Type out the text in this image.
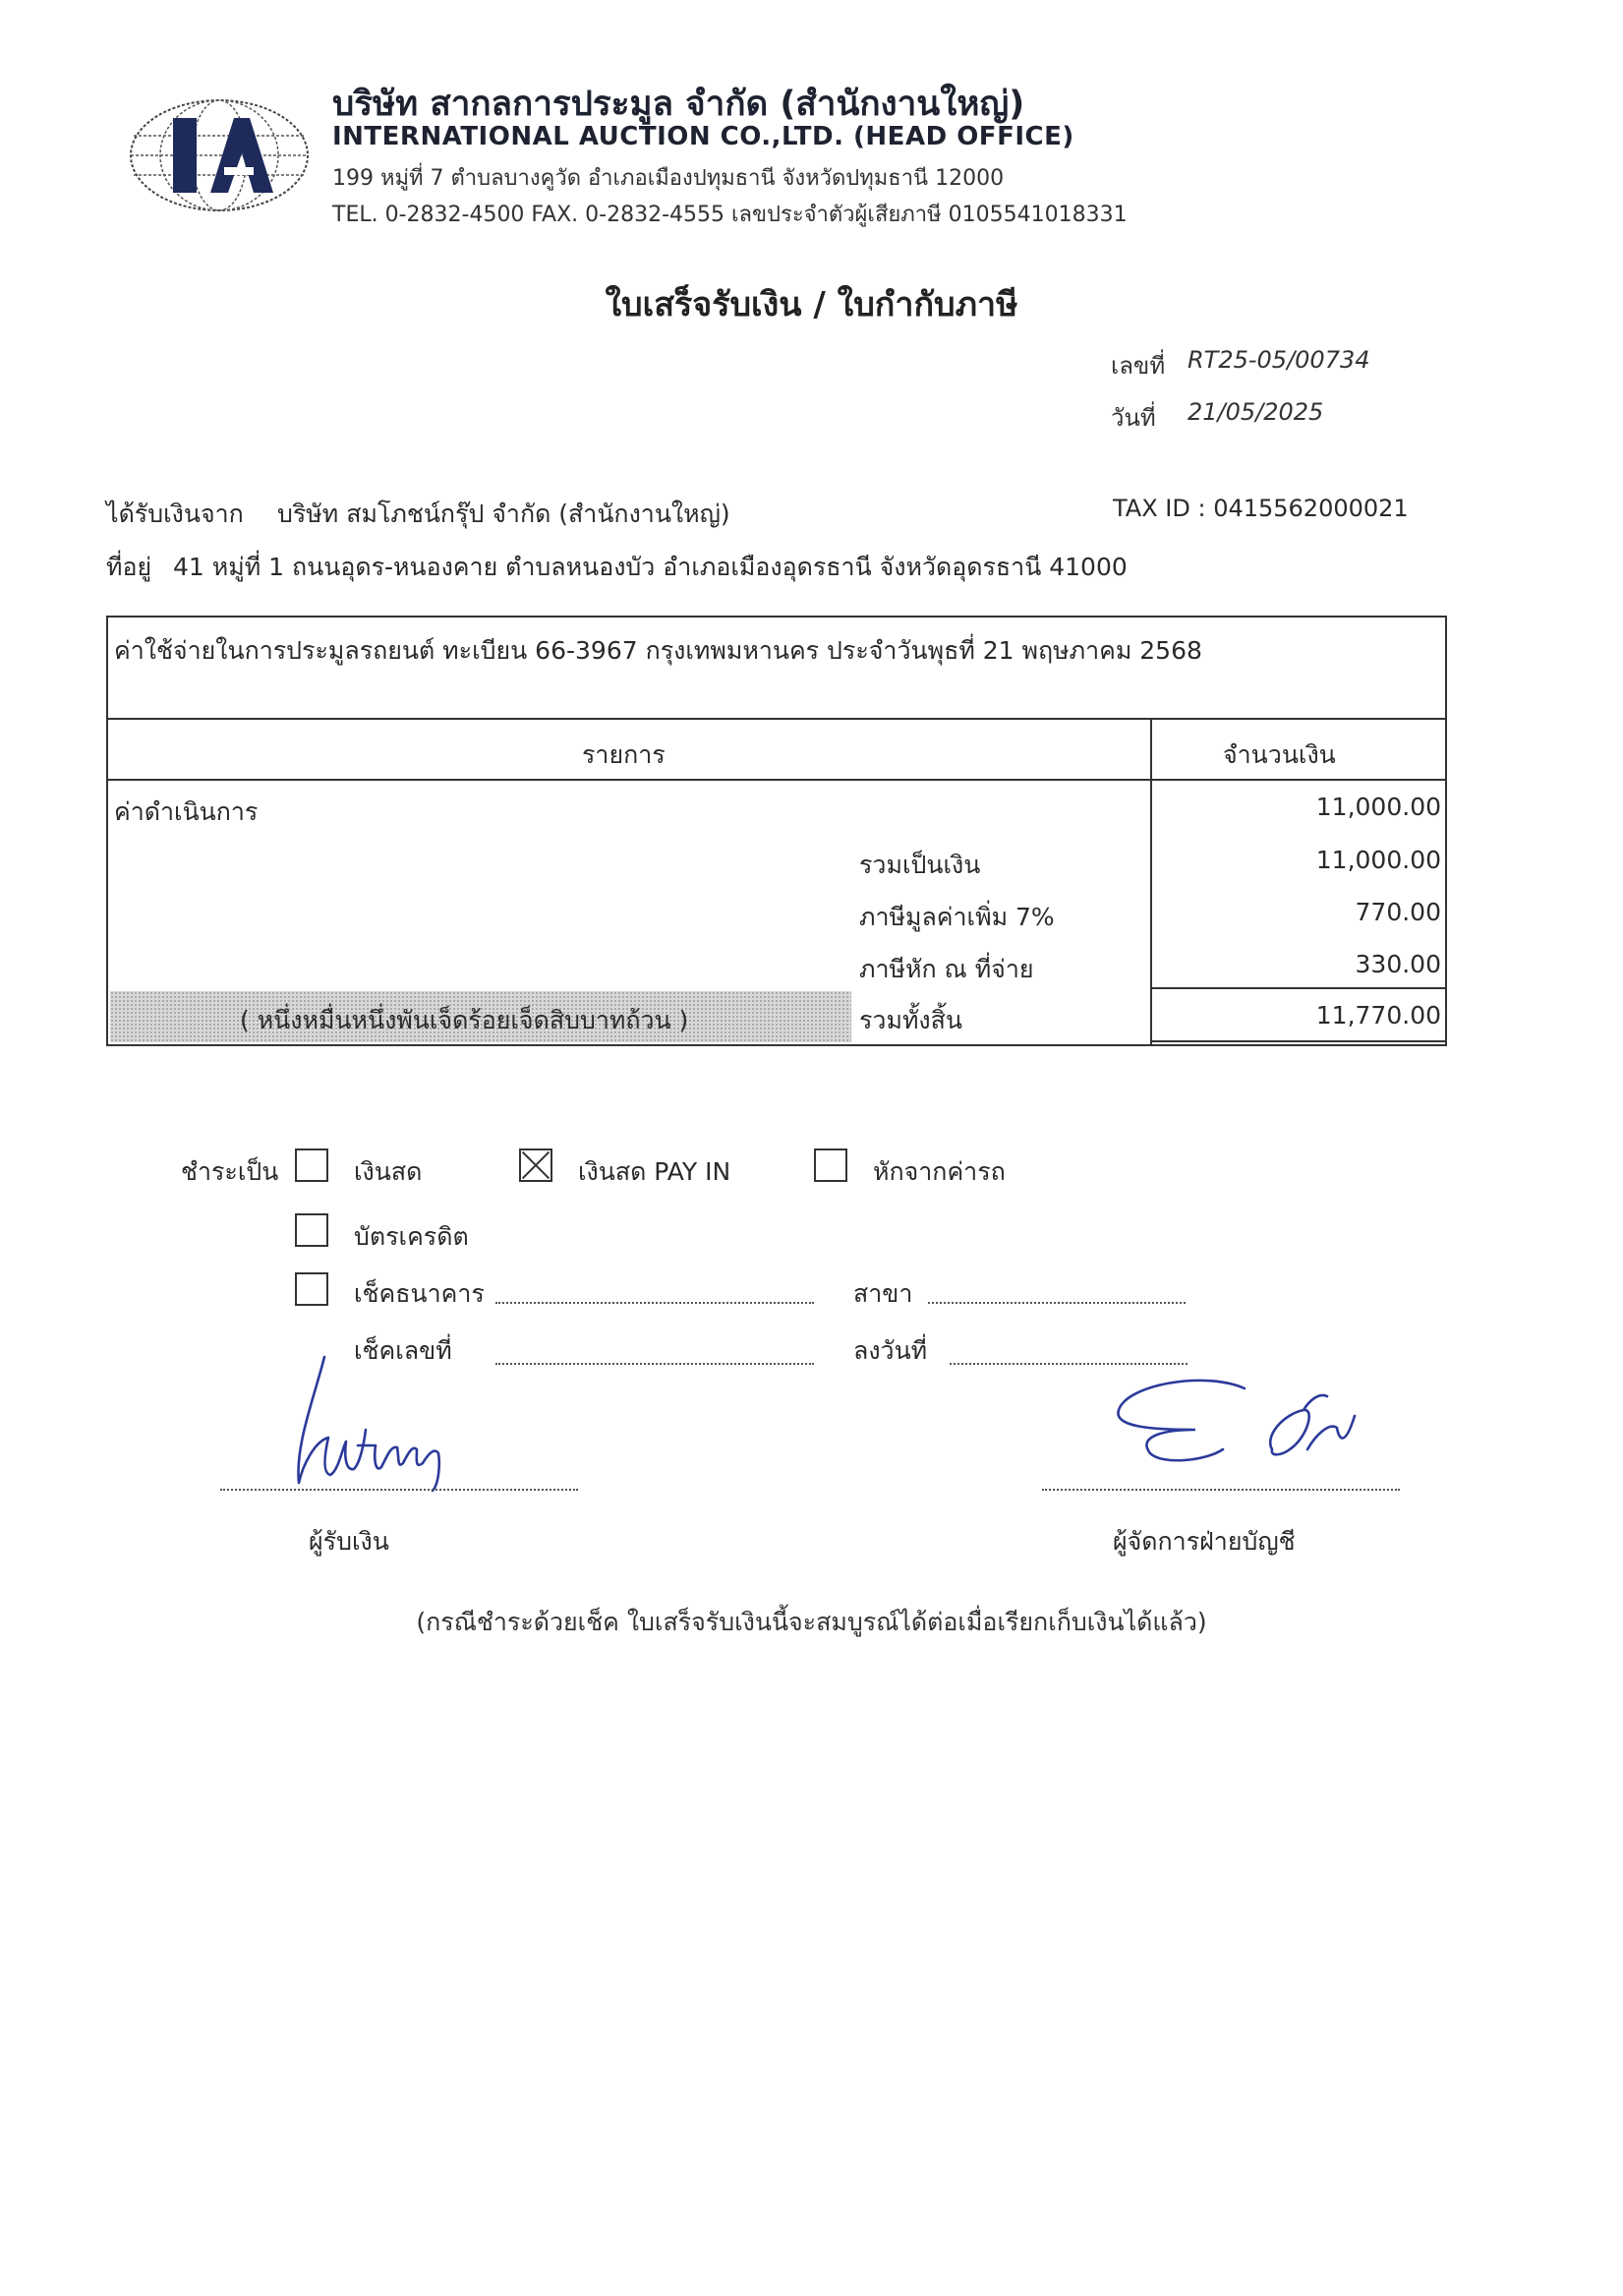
บริษัท สากลการประมูล จำกัด (สำนักงานใหญ่)
INTERNATIONAL AUCTION CO.,LTD. (HEAD OFFICE)
199 หมู่ที่ 7 ตำบลบางคูวัด อำเภอเมืองปทุมธานี จังหวัดปทุมธานี 12000
TEL. 0-2832-4500 FAX. 0-2832-4555 เลขประจำตัวผู้เสียภาษี 0105541018331
ใบเสร็จรับเงิน / ใบกำกับภาษี
เลขที่ RT25-05/00734
วันที่ 21/05/2025
ได้รับเงินจาก บริษัท สมโภชน์กรุ๊ป จำกัด (สำนักงานใหญ่)	TAX ID : 0415562000021
ที่อยู่ 41 หมู่ที่ 1 ถนนอุดร-หนองคาย ตำบลหนองบัว อำเภอเมืองอุดรธานี จังหวัดอุดรธานี 41000
ค่าใช้จ่ายในการประมูลรถยนต์ ทะเบียน 66-3967 กรุงเทพมหานคร ประจำวันพุธที่ 21 พฤษภาคม 2568
รายการ	จำนวนเงิน
ค่าดำเนินการ	11,000.00
รวมเป็นเงิน	11,000.00
ภาษีมูลค่าเพิ่ม 7%	770.00
ภาษีหัก ณ ที่จ่าย	330.00
( หนึ่งหมื่นหนึ่งพันเจ็ดร้อยเจ็ดสิบบาทถ้วน )	รวมทั้งสิ้น	11,770.00
ชำระเป็น	เงินสด	เงินสด PAY IN	หักจากค่ารถ
บัตรเครดิต
เช็คธนาคาร	สาขา
เช็คเลขที่	ลงวันที่
ผู้รับเงิน	ผู้จัดการฝ่ายบัญชี
(กรณีชำระด้วยเช็ค ใบเสร็จรับเงินนี้จะสมบูรณ์ได้ต่อเมื่อเรียกเก็บเงินได้แล้ว)
